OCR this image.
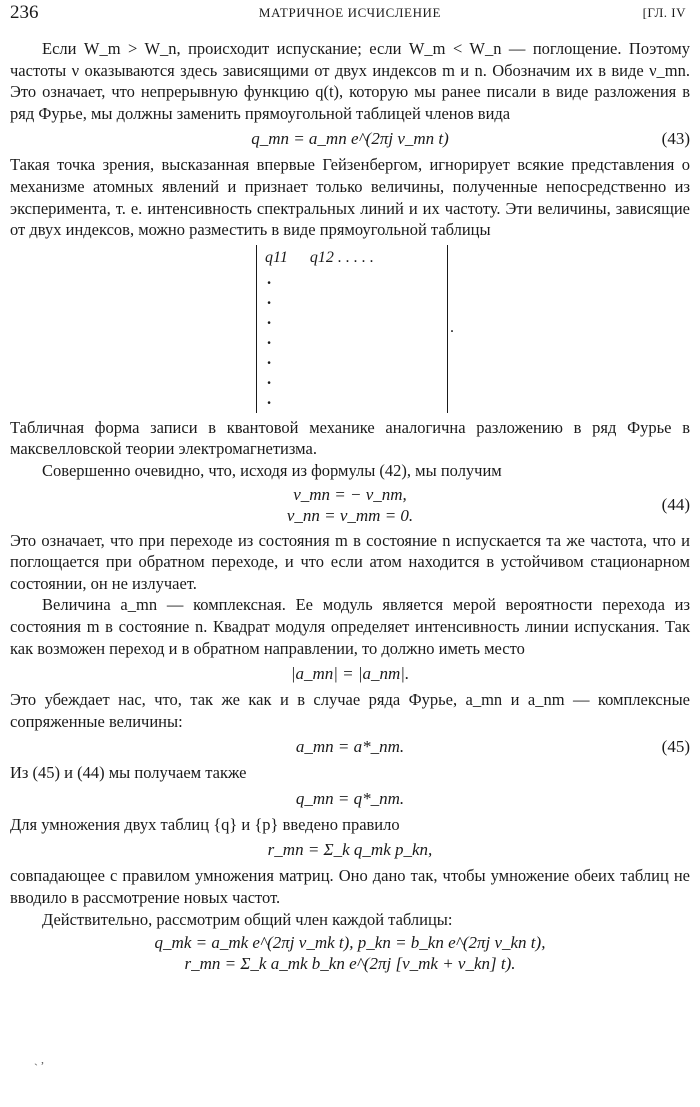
236	МАТРИЧНОЕ ИСЧИСЛЕНИЕ	[ГЛ. IV

Если W_m > W_n, происходит испускание; если W_m < W_n — поглощение. Поэтому частоты ν оказываются здесь зависящими от двух индексов m и n. Обозначим их в виде ν_mn. Это означает, что непрерывную функцию q(t), которую мы ранее писали в виде разложения в ряд Фурье, мы должны заменить прямоугольной таблицей членов вида

q_mn = a_mn e^(2πj ν_mn t)	(43)

Такая точка зрения, высказанная впервые Гейзенбергом, игнорирует всякие представления о механизме атомных явлений и признает только величины, полученные непосредственно из эксперимента, т. е. интенсивность спектральных линий и их частоту. Эти величины, зависящие от двух индексов, можно разместить в виде прямоугольной таблицы

q11 q12 . . . . .
.
.
.
.
.
.
.
.

Табличная форма записи в квантовой механике аналогична разложению в ряд Фурье в максвелловской теории электромагнетизма.

Совершенно очевидно, что, исходя из формулы (42), мы получим

ν_mn = − ν_nm,
ν_nn = ν_mm = 0.
(44)

Это означает, что при переходе из состояния m в состояние n испускается та же частота, что и поглощается при обратном переходе, и что если атом находится в устойчивом стационарном состоянии, он не излучает.

Величина a_mn — комплексная. Ее модуль является мерой вероятности перехода из состояния m в состояние n. Квадрат модуля определяет интенсивность линии испускания. Так как возможен переход и в обратном направлении, то должно иметь место

|a_mn| = |a_nm|.

Это убеждает нас, что, так же как и в случае ряда Фурье, a_mn и a_nm — комплексные сопряженные величины:

a_mn = a*_nm.	(45)

Из (45) и (44) мы получаем также

q_mn = q*_nm.

Для умножения двух таблиц {q} и {p} введено правило

r_mn = Σ_k q_mk p_kn,

совпадающее с правилом умножения матриц. Оно дано так, чтобы умножение обеих таблиц не вводило в рассмотрение новых частот.

Действительно, рассмотрим общий член каждой таблицы:

q_mk = a_mk e^(2πj ν_mk t), p_kn = b_kn e^(2πj ν_kn t),
r_mn = Σ_k a_mk b_kn e^(2πj [ν_mk + ν_kn] t).
ˏ ,
